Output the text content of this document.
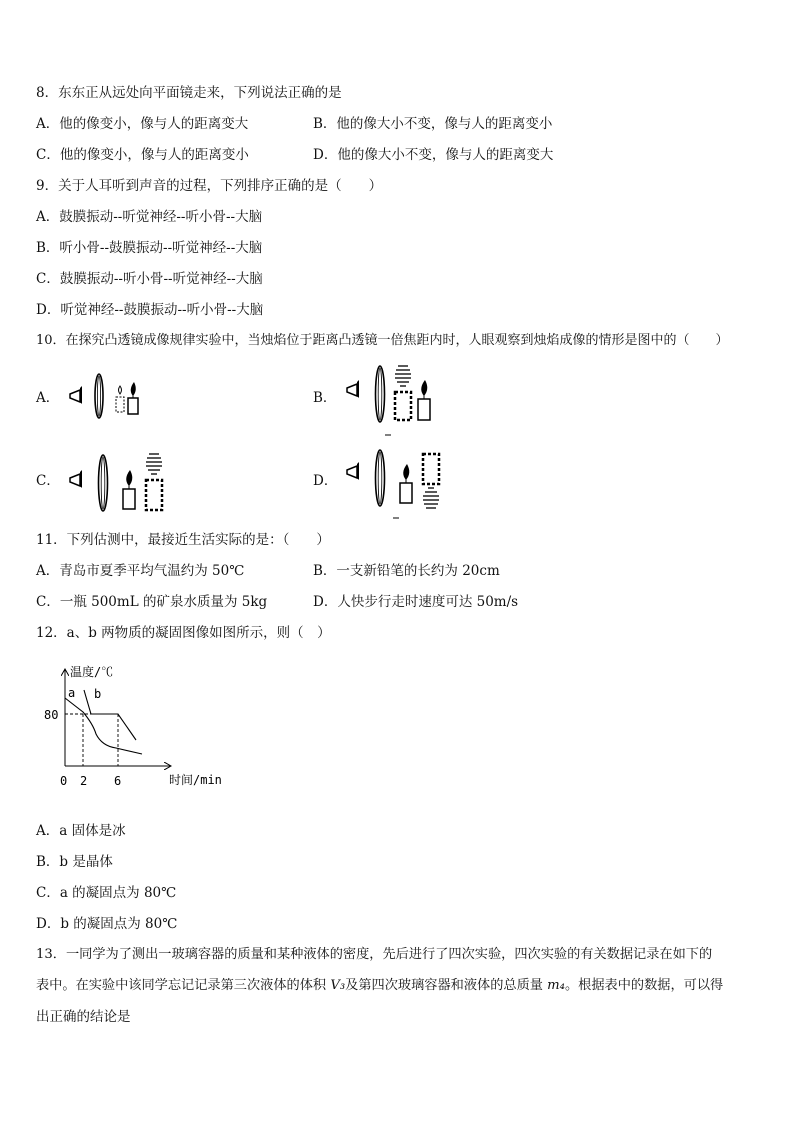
8．东东正从远处向平面镜走来，下列说法正确的是
A．他的像变小，像与人的距离变大	B．他的像大小不变，像与人的距离变小
C．他的像变小，像与人的距离变小	D．他的像大小不变，像与人的距离变大
9．关于人耳听到声音的过程，下列排序正确的是（　　）
A．鼓膜振动--听觉神经--听小骨--大脑
B．听小骨--鼓膜振动--听觉神经--大脑
C．鼓膜振动--听小骨--听觉神经--大脑
D．听觉神经--鼓膜振动--听小骨--大脑
10．在探究凸透镜成像规律实验中，当烛焰位于距离凸透镜一倍焦距内时，人眼观察到烛焰成像的情形是图中的（　　）
A．	B．
C．	D．
11．下列估测中，最接近生活实际的是：（　　）
A．青岛市夏季平均气温约为 50℃	B．一支新铅笔的长约为 20cm
C．一瓶 500mL 的矿泉水质量为 5kg	D．人快步行走时速度可达 50m/s
12．a、b 两物质的凝固图像如图所示，则（　）
温度/℃
时间/min
80
0 2 6
a b
A．a 固体是冰
B．b 是晶体
C．a 的凝固点为 80℃
D．b 的凝固点为 80℃
13．一同学为了测出一玻璃容器的质量和某种液体的密度，先后进行了四次实验，四次实验的有关数据记录在如下的
表中。在实验中该同学忘记记录第三次液体的体积 V₃及第四次玻璃容器和液体的总质量 m₄。根据表中的数据，可以得
出正确的结论是
